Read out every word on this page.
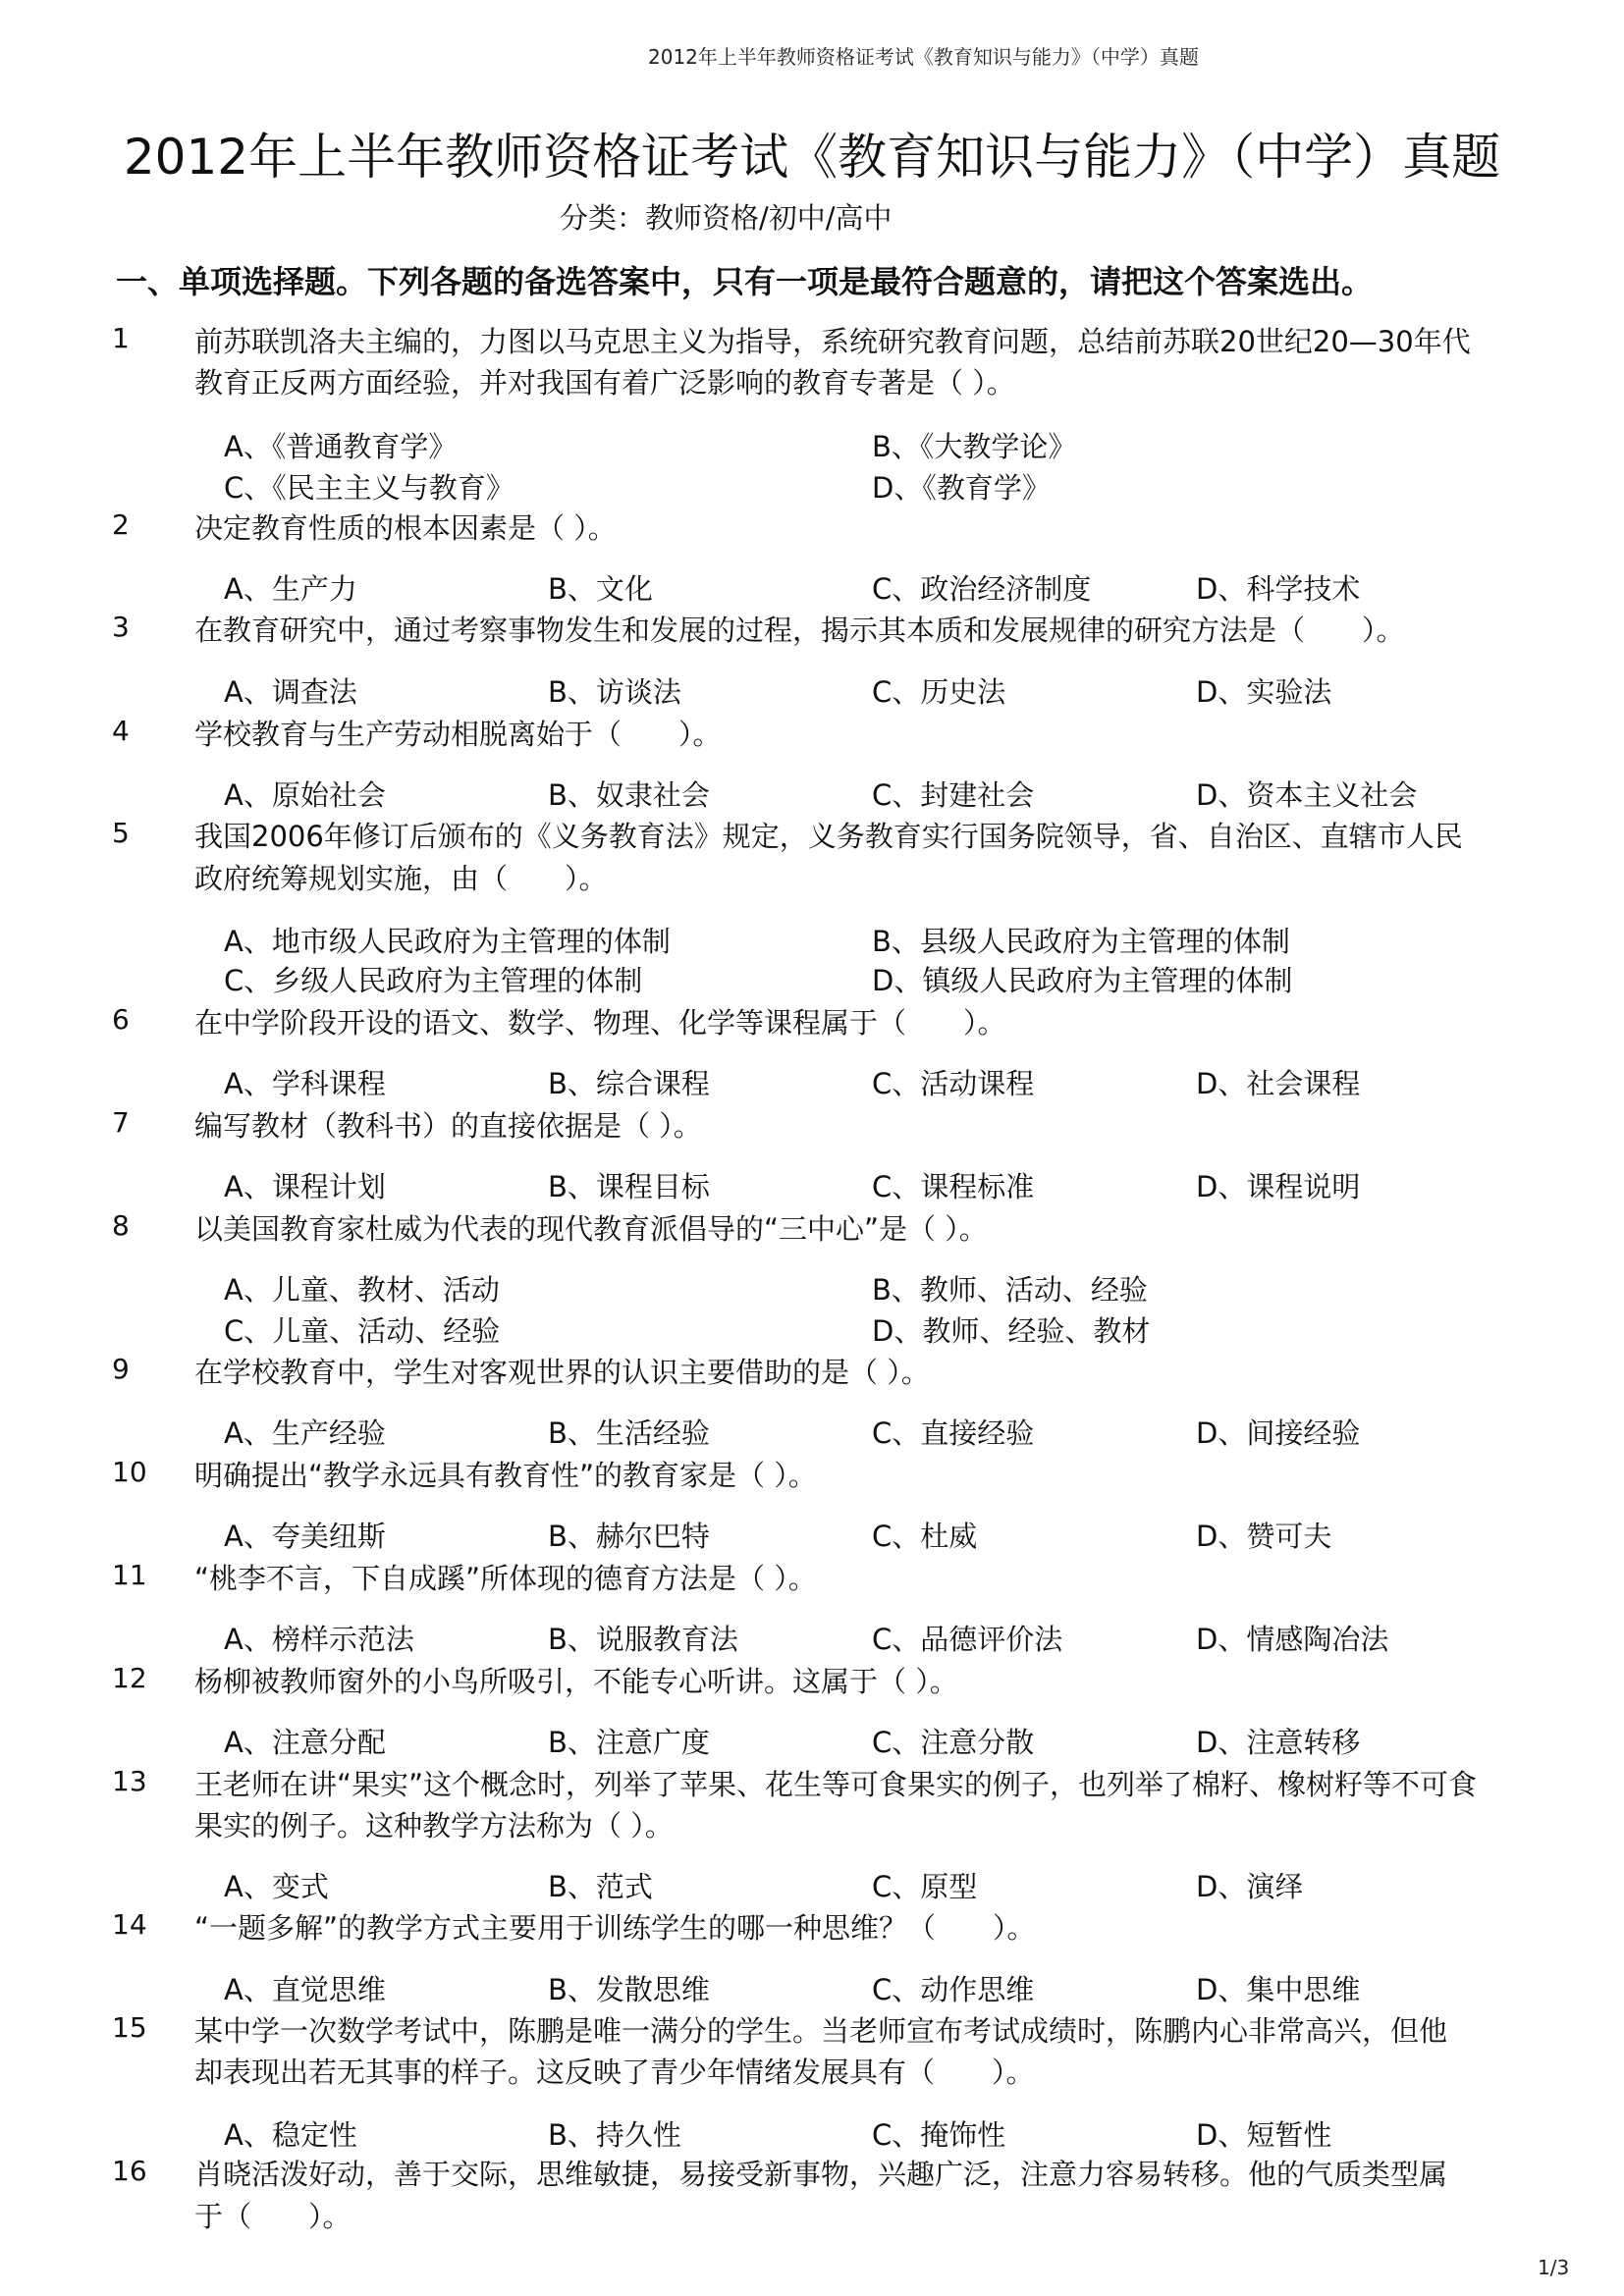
2012年上半年教师资格证考试《教育知识与能力》（中学）真题
2012年上半年教师资格证考试《教育知识与能力》（中学）真题
分类：教师资格/初中/高中
一、单项选择题。下列各题的备选答案中，只有一项是最符合题意的，请把这个答案选出。
1 前苏联凯洛夫主编的，力图以马克思主义为指导，系统研究教育问题，总结前苏联20世纪20—30年代
教育正反两方面经验，并对我国有着广泛影响的教育专著是（ ）。
A、《普通教育学》	B、《大教学论》
C、《民主主义与教育》	D、《教育学》
2 决定教育性质的根本因素是（ ）。
A、生产力	B、文化	C、政治经济制度	D、科学技术
3 在教育研究中，通过考察事物发生和发展的过程，揭示其本质和发展规律的研究方法是（　　）。
A、调查法	B、访谈法	C、历史法	D、实验法
4 学校教育与生产劳动相脱离始于（　　）。
A、原始社会	B、奴隶社会	C、封建社会	D、资本主义社会
5 我国2006年修订后颁布的《义务教育法》规定，义务教育实行国务院领导，省、自治区、直辖市人民
政府统筹规划实施，由（　　）。
A、地市级人民政府为主管理的体制	B、县级人民政府为主管理的体制
C、乡级人民政府为主管理的体制	D、镇级人民政府为主管理的体制
6 在中学阶段开设的语文、数学、物理、化学等课程属于（　　）。
A、学科课程	B、综合课程	C、活动课程	D、社会课程
7 编写教材（教科书）的直接依据是（ ）。
A、课程计划	B、课程目标	C、课程标准	D、课程说明
8 以美国教育家杜威为代表的现代教育派倡导的“三中心”是（ ）。
A、儿童、教材、活动	B、教师、活动、经验
C、儿童、活动、经验	D、教师、经验、教材
9 在学校教育中，学生对客观世界的认识主要借助的是（ ）。
A、生产经验	B、生活经验	C、直接经验	D、间接经验
10 明确提出“教学永远具有教育性”的教育家是（ ）。
A、夸美纽斯	B、赫尔巴特	C、杜威	D、赞可夫
11 “桃李不言，下自成蹊”所体现的德育方法是（ ）。
A、榜样示范法	B、说服教育法	C、品德评价法	D、情感陶冶法
12 杨柳被教师窗外的小鸟所吸引，不能专心听讲。这属于（ ）。
A、注意分配	B、注意广度	C、注意分散	D、注意转移
13 王老师在讲“果实”这个概念时，列举了苹果、花生等可食果实的例子，也列举了棉籽、橡树籽等不可食
果实的例子。这种教学方法称为（ ）。
A、变式	B、范式	C、原型	D、演绎
14 “一题多解”的教学方式主要用于训练学生的哪一种思维？（　　）。
A、直觉思维	B、发散思维	C、动作思维	D、集中思维
15 某中学一次数学考试中，陈鹏是唯一满分的学生。当老师宣布考试成绩时，陈鹏内心非常高兴，但他
却表现出若无其事的样子。这反映了青少年情绪发展具有（　　）。
A、稳定性	B、持久性	C、掩饰性	D、短暂性
16 肖晓活泼好动，善于交际，思维敏捷，易接受新事物，兴趣广泛，注意力容易转移。他的气质类型属
于（　　）。
1/3
